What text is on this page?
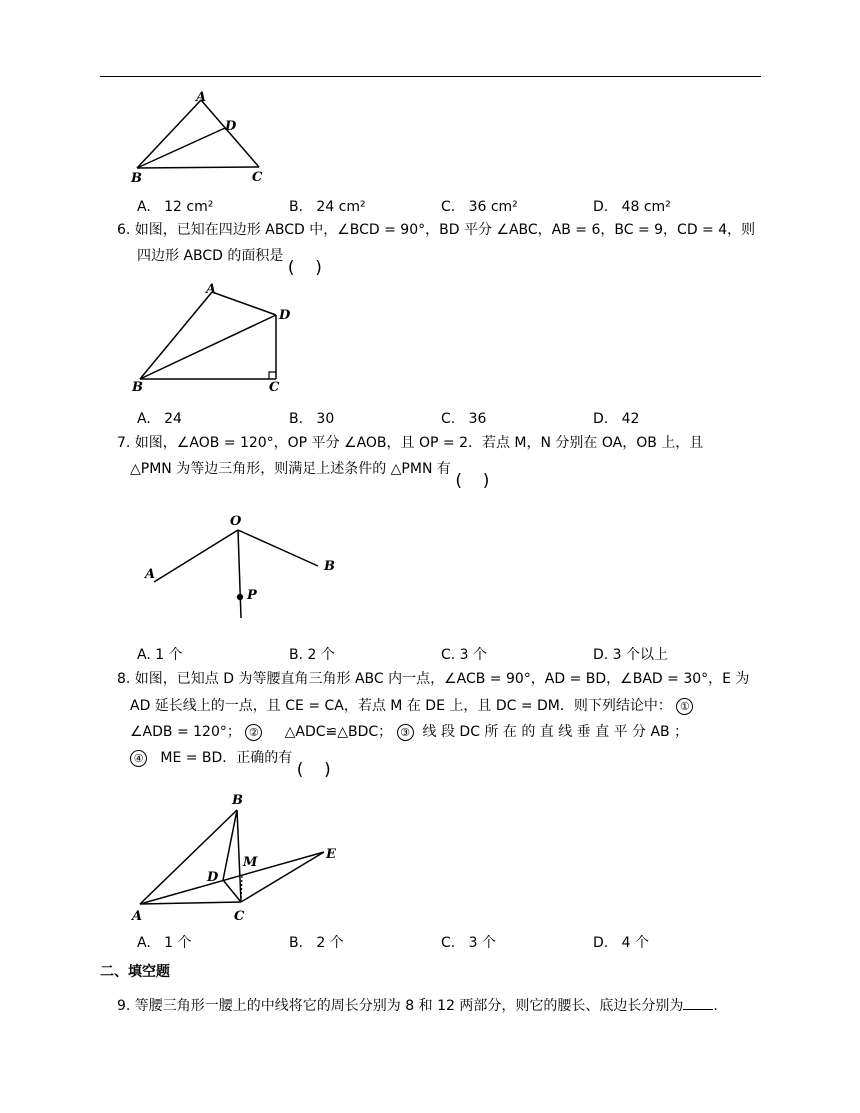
A
D
B	C
A.   12 cm²	B.   24 cm²	C.   36 cm²	D.   48 cm²
6. 如图，已知在四边形 ABCD 中，∠BCD = 90°，BD 平分 ∠ABC，AB = 6，BC = 9，CD = 4，则
四边形 ABCD 的面积是
A
D
B	C
A.   24	B.   30	C.   36	D.   42
7. 如图，∠AOB = 120°，OP 平分 ∠AOB，且 OP = 2．若点 M，N 分别在 OA，OB 上，且
△PMN 为等边三角形，则满足上述条件的 △PMN 有
O
A
B
P
A. 1 个	B. 2 个	C. 3 个	D. 3 个以上
8. 如图，已知点 D 为等腰直角三角形 ABC 内一点，∠ACB = 90°，AD = BD，∠BAD = 30°，E 为
AD 延长线上的一点，且 CE = CA，若点 M 在 DE 上，且 DC = DM．则下列结论中： ①
∠ADB = 120°； ② △ADC≌△BDC； ③ 线 段 DC 所 在 的 直 线 垂 直 平 分 AB ；
④ ME = BD．正确的有
B
M
E
D
A	C
A.   1 个	B.   2 个	C.   3 个	D.   4 个
二、填空题
9. 等腰三角形一腰上的中线将它的周长分别为 8 和 12 两部分，则它的腰长、底边长分别为 .
